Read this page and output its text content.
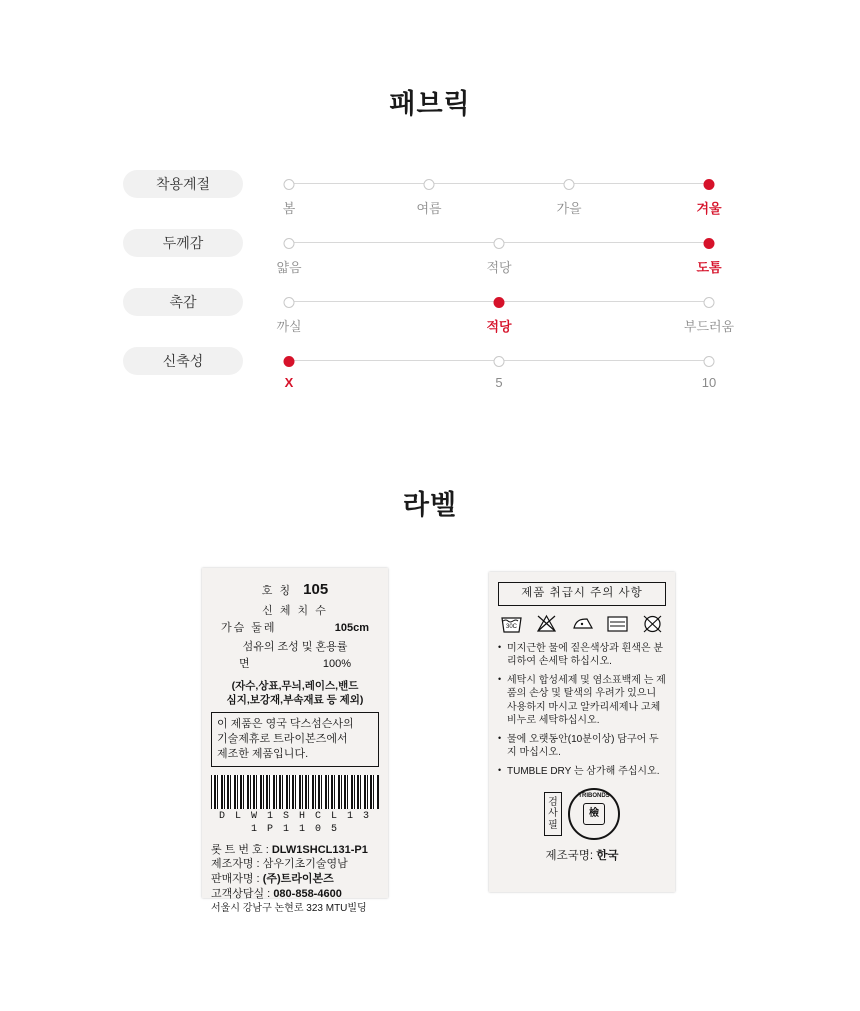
패브릭
착용계절
봄	여름	가을	겨울
두께감
얇음	적당	도톰
촉감
까실	적당	부드러움
신축성
X	5	10
라벨
호 칭 105
신 체 치 수
가슴 둘레	105cm
섬유의 조성 및 혼용률
면	100%
(자수,상표,무늬,레이스,밴드
심지,보강재,부속재료 등 제외)
이 제품은 영국 닥스섬슨사의
기술제휴로 트라이본즈에서
제조한 제품입니다.
D L W 1 S H C L 1 3 1 P 1 1 0 5
롯 트 번 호 : DLW1SHCL131-P1
제조자명 : 삼우기초기술영남
판매자명 : (주)트라이본즈
고객상담실 : 080-858-4600
서울시 강남구 논현로 323 MTU빌딩
제품 취급시 주의 사항
30C
• 미지근한 물에 짙은색상과 흰색은 분리하여 손세탁 하십시오.
• 세탁시 합성세제 및 염소표백제 는 제품의 손상 및 탈색의 우려가 있으니 사용하지 마시고 알카리세제나 고체비누로 세탁하십시오.
• 물에 오랫동안(10분이상) 담구어 두지 마십시오.
• TUMBLE DRY 는 삼가해 주십시오.
검 사 필
TRIBONDS
檢
제조국명: 한국
